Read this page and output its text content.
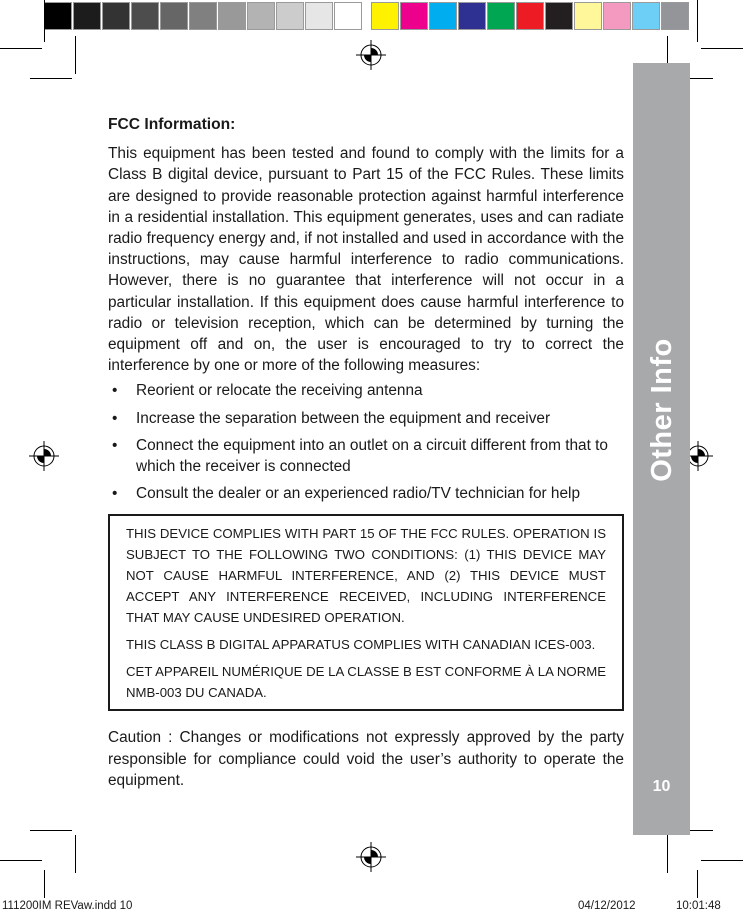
Other Info
10

FCC Information:

This equipment has been tested and found to comply with the limits for a Class B digital device, pursuant to Part 15 of the FCC Rules. These limits are designed to provide reasonable protection against harmful interference in a residential installation. This equipment generates, uses and can radiate radio frequency energy and, if not installed and used in accordance with the instructions, may cause harmful interference to radio communications. However, there is no guarantee that interference will not occur in a particular installation. If this equipment does cause harmful interference to radio or television reception, which can be determined by turning the equipment off and on, the user is encouraged to try to correct the interference by one or more of the following measures:

• Reorient or relocate the receiving antenna
• Increase the separation between the equipment and receiver
• Connect the equipment into an outlet on a circuit different from that to which the receiver is connected
• Consult the dealer or an experienced radio/TV technician for help

THIS DEVICE COMPLIES WITH PART 15 OF THE FCC RULES. OPERATION IS SUBJECT TO THE FOLLOWING TWO CONDITIONS: (1) THIS DEVICE MAY NOT CAUSE HARMFUL INTERFERENCE, AND (2) THIS DEVICE MUST ACCEPT ANY INTERFERENCE RECEIVED, INCLUDING INTERFERENCE THAT MAY CAUSE UNDESIRED OPERATION.

THIS CLASS B DIGITAL APPARATUS COMPLIES WITH CANADIAN ICES-003.

CET APPAREIL NUMÉRIQUE DE LA CLASSE B EST CONFORME À LA NORME NMB-003 DU CANADA.

Caution : Changes or modifications not expressly approved by the party responsible for compliance could void the user’s authority to operate the equipment.

111200IM REVaw.indd 10	04/12/2012	10:01:48
